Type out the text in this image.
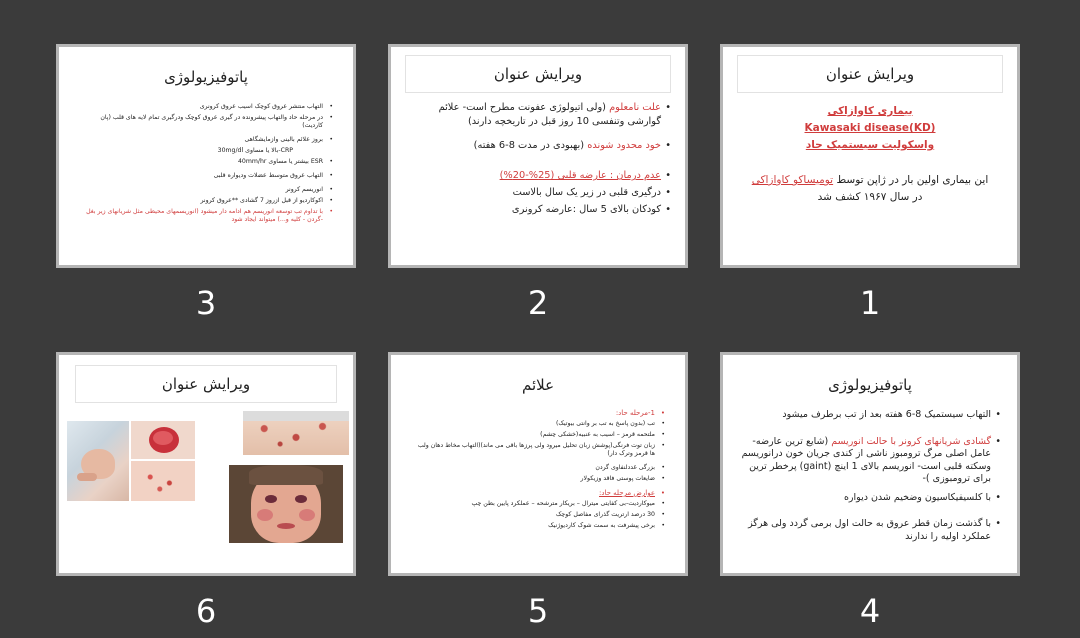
ویرایش عنوان
بیماری کاوازاکی
Kawasaki disease(KD)
واسکولیت سیستمیک حاد
این بیماری اولین بار در ژاپن توسط تومیساکو کاوازاکی
در سال ۱۹۶۷ کشف شد
1
ویرایش عنوان
• علت نامعلوم (ولی اتیولوژی عفونت مطرح است- علائم گوارشی وتنفسی 10 روز قبل در تاریخچه دارند)
• خود محدود شونده (بهبودی در مدت 8-6 هفته)
• عدم درمان : عارضه قلبی (25%-20%)
• درگیری قلبی در زیر یک سال بالاست
• کودکان بالای 5 سال :عارضه کرونری
2
پاتوفیزیولوژی
• التهاب منتشر عروق کوچک اسیب عروق کرونری
• در مرحله حاد والتهاب پیشرونده در گیری عروق کوچک ودرگیری تمام لایه های قلب (پان کاردیت)
• بروز علائم بالینی وازمایشگاهی
CRP-بالا یا مساوی 30mg/dl
• ESR بیشتر یا مساوی 40mm/hr
• التهاب عروق متوسط عضلات ودیواره قلبی
• انوریسم کرونر
• اکوکاردیو از قبل ازروز 7 گشادی **عروق کرونر
• با تداوم تب توسعه انوریسم هم ادامه دار میشود (انوریسمهای محیطی مثل شریانهای زیر بغل -گردن - کلیه و...) میتواند ایجاد شود
3
پاتوفیزیولوژی
• التهاب سیستمیک 8-6 هفته بعد از تب برطرف میشود
• گشادی شریانهای کرونر با حالت انوریسم (شایع ترین عارضه- عامل اصلی مرگ ترومبوز ناشی از کندی جریان خون درانوریسم وسکته قلبی است- انوریسم بالای 1 اینچ (gaint) پرخطر ترین برای ترومبوزی )-
• با کلسیفیکاسیون وضخیم شدن دیواره
• با گذشت زمان قطر عروق به حالت اول برمی گردد ولی هرگز عملکرد اولیه را ندارند
4
علائم
• 1-مرحله حاد:
• تب (بدون پاسخ به تب بر وانتی بیوتیک)
• ملتحمه قرمز – اسیب به عنبیه(خشکی چشم)
• زبان توت فرنگی(پوشش زبان تحلیل میرود ولی پرزها باقی می ماند)(التهاب مخاط دهان ولب ها قرمز وترک دار)
• بزرگی غددلنفاوی گردن
• ضایعات پوستی فاقد وزیکولار
• عوارض مرحله حاد:
• میوکاردیت-بی کفایتی میترال – بریکار مترشحه – عملکرد پایین بطن چپ
• 30 درصد ارتریت گذرای مفاصل کوچک
• برخی پیشرفت به سمت شوک کاردیوژنیک
5
ویرایش عنوان
6
